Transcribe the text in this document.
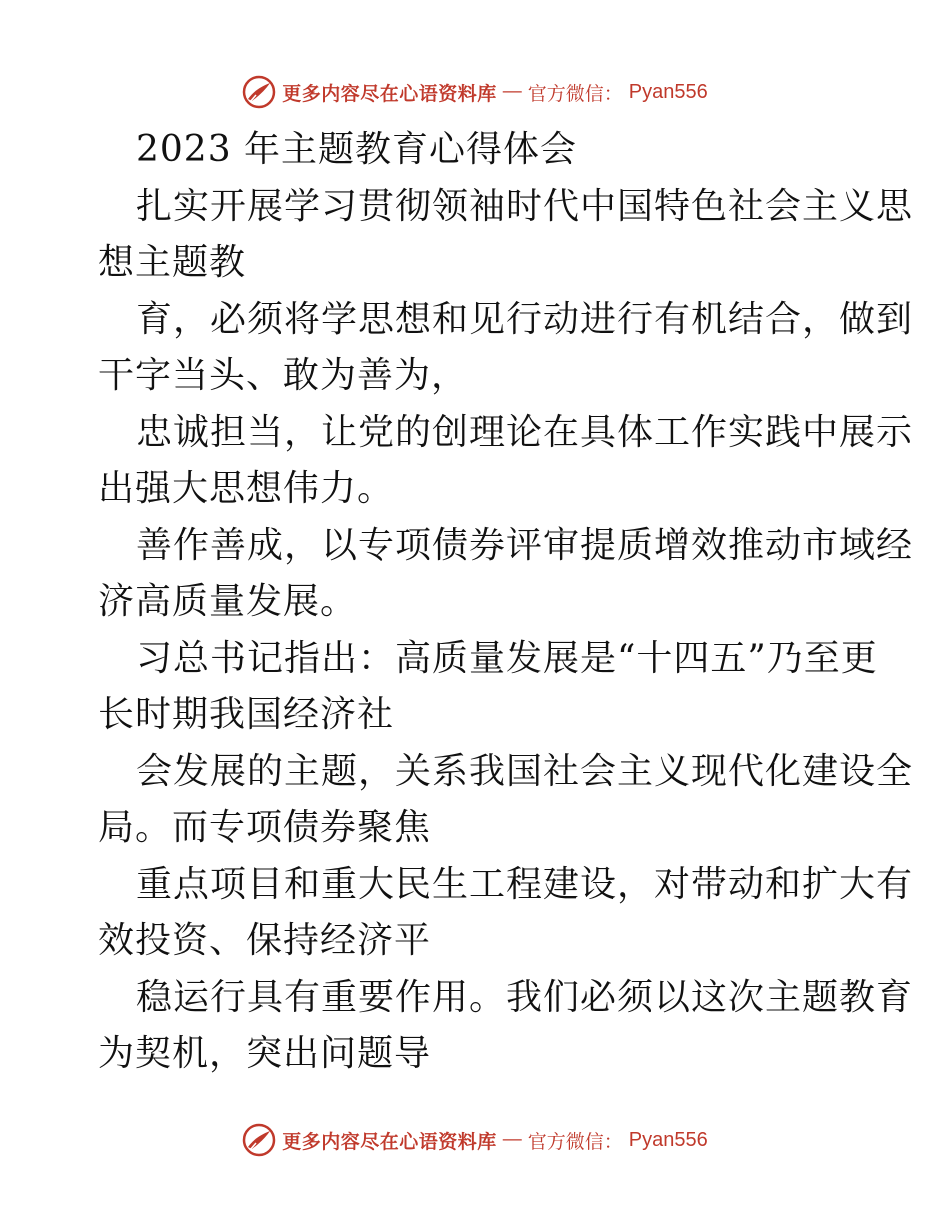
更多内容尽在心语资料库 — 官方微信： Pyan556
2023 年主题教育心得体会
扎实开展学习贯彻领袖时代中国特色社会主义思
想主题教
育，必须将学思想和见行动进行有机结合，做到
干字当头、敢为善为，
忠诚担当，让党的创理论在具体工作实践中展示
出强大思想伟力。
善作善成，以专项债券评审提质增效推动市域经
济高质量发展。
习总书记指出：高质量发展是“十四五”乃至更
长时期我国经济社
会发展的主题，关系我国社会主义现代化建设全
局。而专项债券聚焦
重点项目和重大民生工程建设，对带动和扩大有
效投资、保持经济平
稳运行具有重要作用。我们必须以这次主题教育
为契机，突出问题导
更多内容尽在心语资料库 — 官方微信： Pyan556
